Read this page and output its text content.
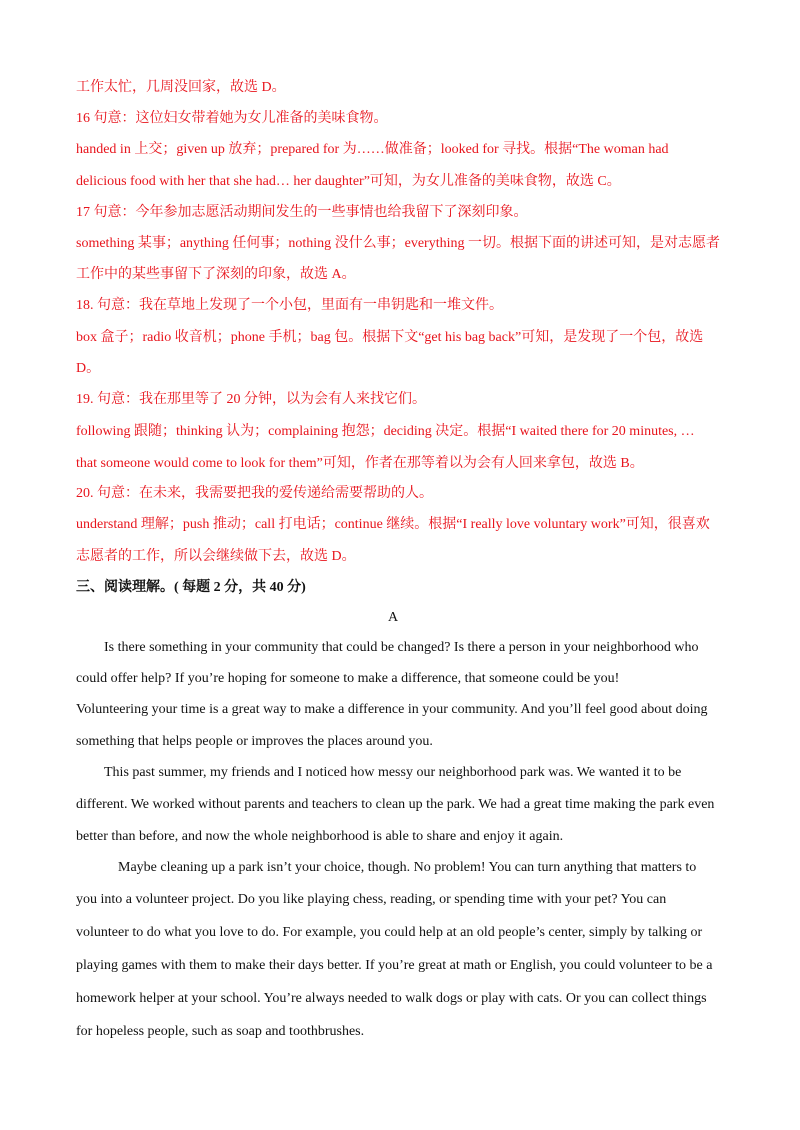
工作太忙，几周没回家，故选 D。
16 句意：这位妇女带着她为女儿准备的美味食物。
handed in 上交；given up 放弃；prepared for 为……做准备；looked for 寻找。根据“The woman had
delicious food with her that she had… her daughter”可知，为女儿准备的美味食物，故选 C。
17 句意：今年参加志愿活动期间发生的一些事情也给我留下了深刻印象。
something 某事；anything 任何事；nothing 没什么事；everything 一切。根据下面的讲述可知，是对志愿者
工作中的某些事留下了深刻的印象，故选 A。
18. 句意：我在草地上发现了一个小包，里面有一串钥匙和一堆文件。
box 盒子；radio 收音机；phone 手机；bag 包。根据下文“get his bag back”可知，是发现了一个包，故选
D。
19. 句意：我在那里等了 20 分钟，以为会有人来找它们。
following 跟随；thinking 认为；complaining 抱怨；deciding 决定。根据“I waited there for 20 minutes, …
that someone would come to look for them”可知，作者在那等着以为会有人回来拿包，故选 B。
20. 句意：在未来，我需要把我的爱传递给需要帮助的人。
understand 理解；push 推动；call 打电话；continue 继续。根据“I really love voluntary work”可知，很喜欢
志愿者的工作，所以会继续做下去，故选 D。
三、阅读理解。( 每题 2 分，共 40 分)
A
Is there something in your community that could be changed? Is there a person in your neighborhood who
could offer help? If you’re hoping for someone to make a difference, that someone could be you!
Volunteering your time is a great way to make a difference in your community. And you’ll feel good about doing
something that helps people or improves the places around you.
This past summer, my friends and I noticed how messy our neighborhood park was. We wanted it to be
different. We worked without parents and teachers to clean up the park. We had a great time making the park even
better than before, and now the whole neighborhood is able to share and enjoy it again.
Maybe cleaning up a park isn’t your choice, though. No problem! You can turn anything that matters to
you into a volunteer project. Do you like playing chess, reading, or spending time with your pet? You can
volunteer to do what you love to do. For example, you could help at an old people’s center, simply by talking or
playing games with them to make their days better. If you’re great at math or English, you could volunteer to be a
homework helper at your school. You’re always needed to walk dogs or play with cats. Or you can collect things
for hopeless people, such as soap and toothbrushes.
